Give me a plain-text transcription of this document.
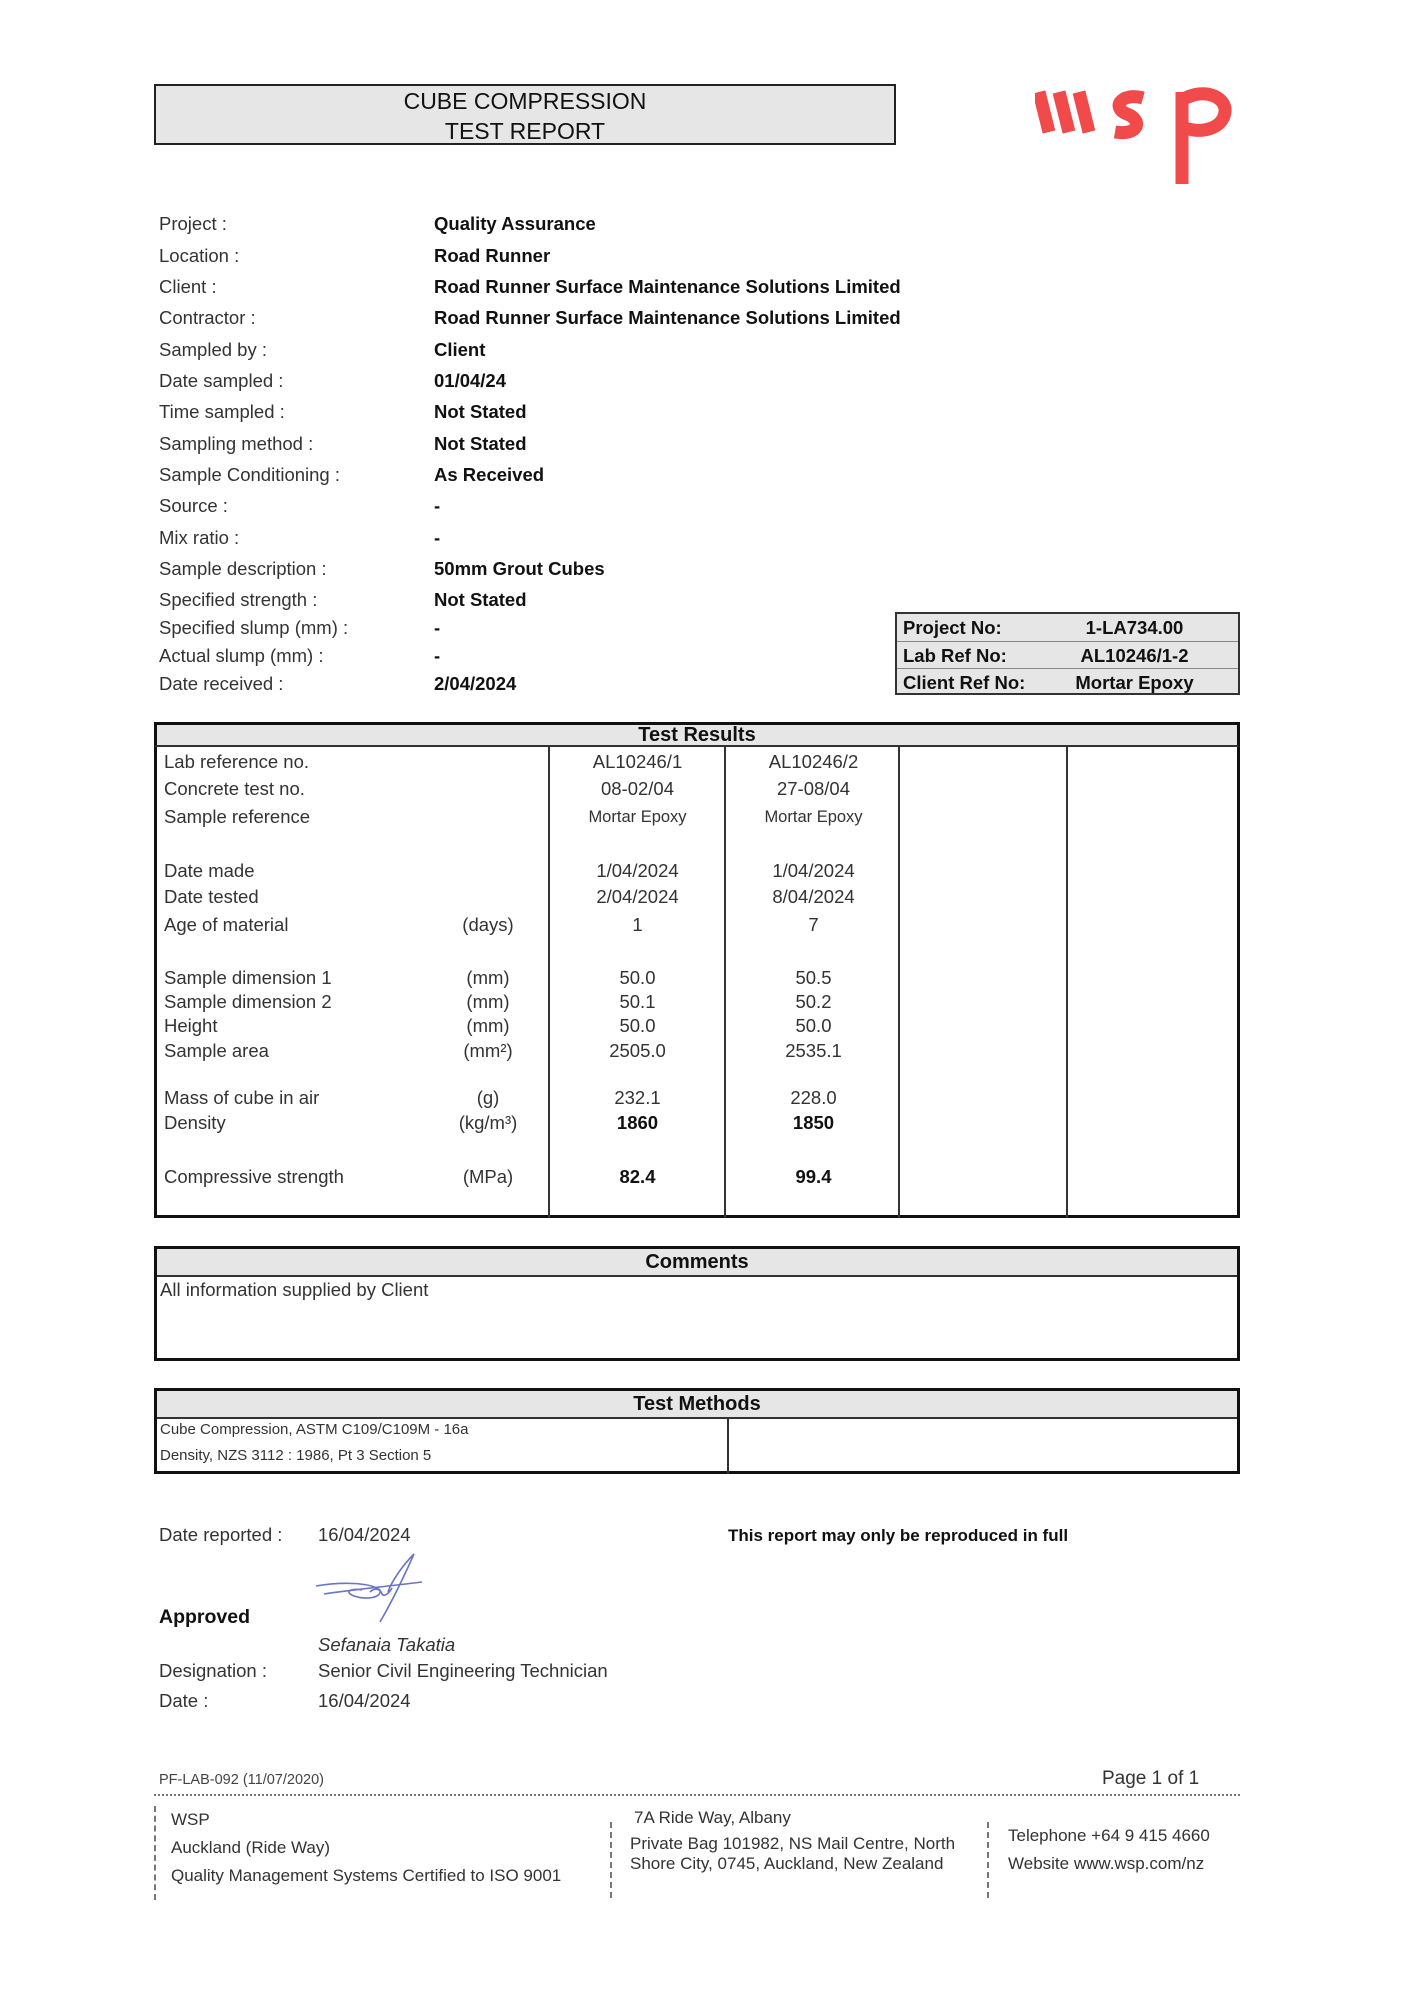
CUBE COMPRESSION
TEST REPORT
Project :	Quality Assurance
Location :	Road Runner
Client :	Road Runner Surface Maintenance Solutions Limited
Contractor :	Road Runner Surface Maintenance Solutions Limited
Sampled by :	Client
Date sampled :	01/04/24
Time sampled :	Not Stated
Sampling method :	Not Stated
Sample Conditioning :	As Received
Source :	-
Mix ratio :	-
Sample description :	50mm Grout Cubes
Specified strength :	Not Stated
Specified slump (mm) :	-
Actual slump (mm) :	-
Date received :	2/04/2024
Project No:	1-LA734.00
Lab Ref No:	AL10246/1-2
Client Ref No:	Mortar Epoxy
Test Results
Lab reference no.	AL10246/1	AL10246/2
Concrete test no.	08-02/04	27-08/04
Sample reference	Mortar Epoxy	Mortar Epoxy
Date made	1/04/2024	1/04/2024
Date tested	2/04/2024	8/04/2024
Age of material	(days)	1	7
Sample dimension 1	(mm)	50.0	50.5
Sample dimension 2	(mm)	50.1	50.2
Height	(mm)	50.0	50.0
Sample area	(mm²)	2505.0	2535.1
Mass of cube in air	(g)	232.1	228.0
Density	(kg/m³)	1860	1850
Compressive strength	(MPa)	82.4	99.4
Comments
All information supplied by Client
Test Methods
Cube Compression, ASTM C109/C109M - 16a
Density, NZS 3112 : 1986, Pt 3 Section 5
Date reported : 16/04/2024	This report may only be reproduced in full
Approved
Sefanaia Takatia
Designation :	Senior Civil Engineering Technician
Date :	16/04/2024
PF-LAB-092 (11/07/2020)	Page 1 of 1
WSP
Auckland (Ride Way)
Quality Management Systems Certified to ISO 9001
7A Ride Way, Albany
Private Bag 101982, NS Mail Centre, North
Shore City, 0745, Auckland, New Zealand
Telephone +64 9 415 4660
Website www.wsp.com/nz
